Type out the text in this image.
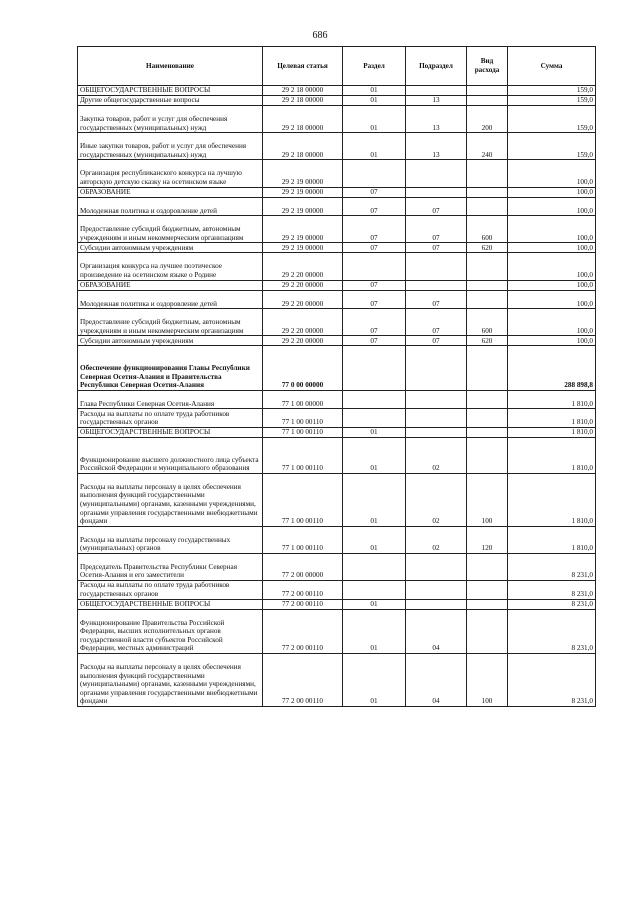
686
Наименование	Целевая статья	Раздел	Подраздел	Вид расхода	Сумма
ОБЩЕГОСУДАРСТВЕННЫЕ ВОПРОСЫ	29 2 18 00000	01			159,0
Другие общегосударственные вопросы	29 2 18 00000	01	13		159,0
Закупка товаров, работ и услуг для обеспечения государственных (муниципальных) нужд	29 2 18 00000	01	13	200	159,0
Иные закупки товаров, работ и услуг для обеспечения государственных (муниципальных) нужд	29 2 18 00000	01	13	240	159,0
Организация республиканского конкурса на лучшую авторскую детскую сказку на осетинском языке	29 2 19 00000				100,0
ОБРАЗОВАНИЕ	29 2 19 00000	07			100,0
Молодежная политика и оздоровление детей	29 2 19 00000	07	07		100,0
Предоставление субсидий бюджетным, автономным учреждениям и иным некоммерческим организациям	29 2 19 00000	07	07	600	100,0
Субсидии автономным учреждениям	29 2 19 00000	07	07	620	100,0
Организация конкурса на лучшее поэтическое произведение на осетинском языке о Родине	29 2 20 00000				100,0
ОБРАЗОВАНИЕ	29 2 20 00000	07			100,0
Молодежная политика и оздоровление детей	29 2 20 00000	07	07		100,0
Предоставление субсидий бюджетным, автономным учреждениям и иным некоммерческим организациям	29 2 20 00000	07	07	600	100,0
Субсидии автономным учреждениям	29 2 20 00000	07	07	620	100,0
Обеспечение функционирования Главы Республики Северная Осетия-Алания и Правительства Республики Северная Осетия-Алания	77 0 00 00000				288 898,8
Глава Республики Северная Осетия-Алания	77 1 00 00000				1 810,0
Расходы на выплаты по оплате труда работников государственных органов	77 1 00 00110				1 810,0
ОБЩЕГОСУДАРСТВЕННЫЕ ВОПРОСЫ	77 1 00 00110	01			1 810,0
Функционирование высшего должностного лица субъекта Российской Федерации и муниципального образования	77 1 00 00110	01	02		1 810,0
Расходы на выплаты персоналу в целях обеспечения выполнения функций государственными (муниципальными) органами, казенными учреждениями, органами управления государственными внебюджетными фондами	77 1 00 00110	01	02	100	1 810,0
Расходы на выплаты персоналу государственных (муниципальных) органов	77 1 00 00110	01	02	120	1 810,0
Председатель Правительства Республики Северная Осетия-Алания и его заместители	77 2 00 00000				8 231,0
Расходы на выплаты по оплате труда работников государственных органов	77 2 00 00110				8 231,0
ОБЩЕГОСУДАРСТВЕННЫЕ ВОПРОСЫ	77 2 00 00110	01			8 231,0
Функционирование Правительства Российской Федерации, высших исполнительных органов государственной власти субъектов Российской Федерации, местных администраций	77 2 00 00110	01	04		8 231,0
Расходы на выплаты персоналу в целях обеспечения выполнения функций государственными (муниципальными) органами, казенными учреждениями, органами управления государственными внебюджетными фондами	77 2 00 00110	01	04	100	8 231,0
